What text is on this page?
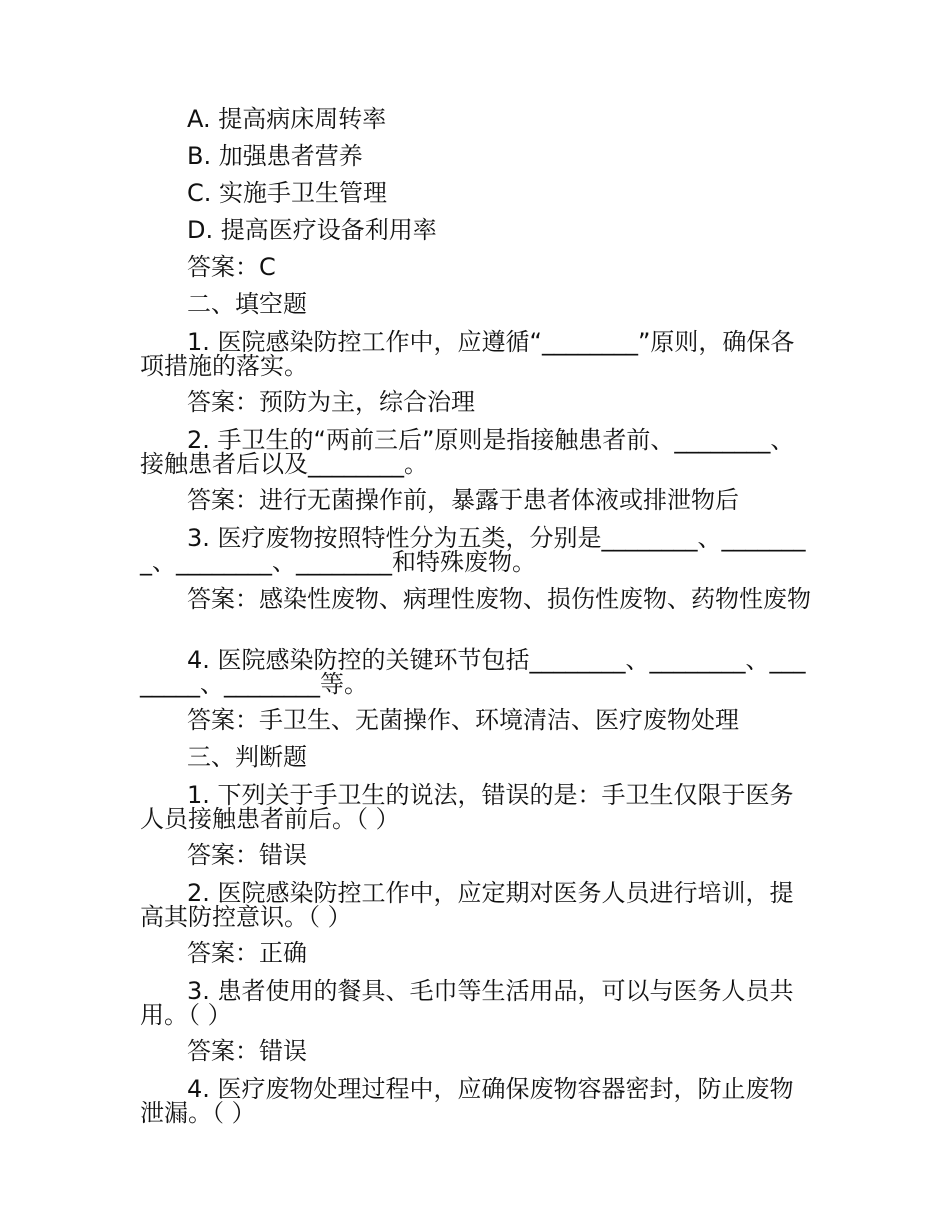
A. 提高病床周转率

B. 加强患者营养

C. 实施手卫生管理

D. 提高医疗设备利用率

答案：C

二、填空题

1. 医院感染防控工作中，应遵循“________”原则，确保各项措施的落实。

答案：预防为主，综合治理

2. 手卫生的“两前三后”原则是指接触患者前、________、接触患者后以及________。

答案：进行无菌操作前，暴露于患者体液或排泄物后

3. 医疗废物按照特性分为五类，分别是________、________、________、________和特殊废物。

答案：感染性废物、病理性废物、损伤性废物、药物性废物

4. 医院感染防控的关键环节包括________、________、________、________等。

答案：手卫生、无菌操作、环境清洁、医疗废物处理

三、判断题

1. 下列关于手卫生的说法，错误的是：手卫生仅限于医务人员接触患者前后。（ ）

答案：错误

2. 医院感染防控工作中，应定期对医务人员进行培训，提高其防控意识。（ ）

答案：正确

3. 患者使用的餐具、毛巾等生活用品，可以与医务人员共用。（ ）

答案：错误

4. 医疗废物处理过程中，应确保废物容器密封，防止废物泄漏。（ ）
